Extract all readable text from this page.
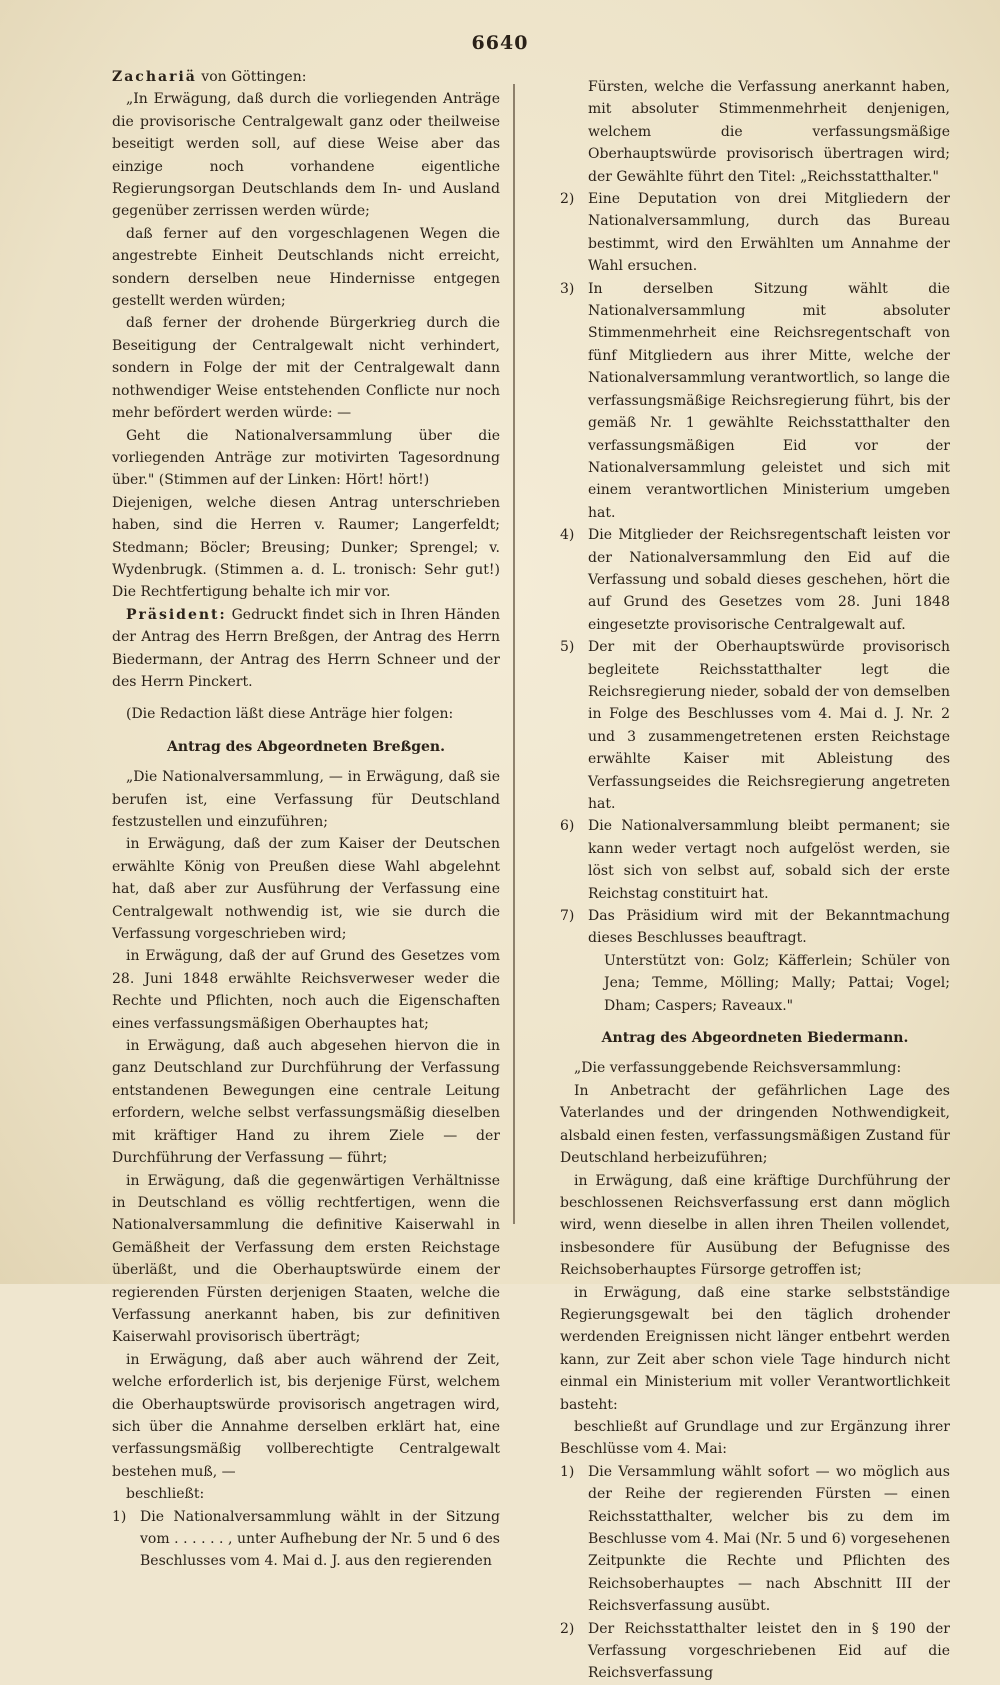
6640

Zachariä von Göttingen:

„In Erwägung, daß durch die vorliegenden Anträge die provisorische Centralgewalt ganz oder theilweise beseitigt werden soll, auf diese Weise aber das einzige noch vorhandene eigentliche Regierungsorgan Deutschlands dem In- und Ausland gegenüber zerrissen werden würde;

daß ferner auf den vorgeschlagenen Wegen die angestrebte Einheit Deutschlands nicht erreicht, sondern derselben neue Hindernisse entgegen gestellt werden würden;

daß ferner der drohende Bürgerkrieg durch die Beseitigung der Centralgewalt nicht verhindert, sondern in Folge der mit der Centralgewalt dann nothwendiger Weise entstehenden Conflicte nur noch mehr befördert werden würde: —

Geht die Nationalversammlung über die vorliegenden Anträge zur motivirten Tagesordnung über." (Stimmen auf der Linken: Hört! hört!)

Diejenigen, welche diesen Antrag unterschrieben haben, sind die Herren v. Raumer; Langerfeldt; Stedmann; Böcler; Breusing; Dunker; Sprengel; v. Wydenbrugk. (Stimmen a. d. L. tronisch: Sehr gut!) Die Rechtfertigung behalte ich mir vor.

Präsident: Gedruckt findet sich in Ihren Händen der Antrag des Herrn Breßgen, der Antrag des Herrn Biedermann, der Antrag des Herrn Schneer und der des Herrn Pinckert.

(Die Redaction läßt diese Anträge hier folgen:

Antrag des Abgeordneten Breßgen.

„Die Nationalversammlung, — in Erwägung, daß sie berufen ist, eine Verfassung für Deutschland festzustellen und einzuführen;

in Erwägung, daß der zum Kaiser der Deutschen erwählte König von Preußen diese Wahl abgelehnt hat, daß aber zur Ausführung der Verfassung eine Centralgewalt nothwendig ist, wie sie durch die Verfassung vorgeschrieben wird;

in Erwägung, daß der auf Grund des Gesetzes vom 28. Juni 1848 erwählte Reichsverweser weder die Rechte und Pflichten, noch auch die Eigenschaften eines verfassungsmäßigen Oberhauptes hat;

in Erwägung, daß auch abgesehen hiervon die in ganz Deutschland zur Durchführung der Verfassung entstandenen Bewegungen eine centrale Leitung erfordern, welche selbst verfassungsmäßig dieselben mit kräftiger Hand zu ihrem Ziele — der Durchführung der Verfassung — führt;

in Erwägung, daß die gegenwärtigen Verhältnisse in Deutschland es völlig rechtfertigen, wenn die Nationalversammlung die definitive Kaiserwahl in Gemäßheit der Verfassung dem ersten Reichstage überläßt, und die Oberhauptswürde einem der regierenden Fürsten derjenigen Staaten, welche die Verfassung anerkannt haben, bis zur definitiven Kaiserwahl provisorisch überträgt;

in Erwägung, daß aber auch während der Zeit, welche erforderlich ist, bis derjenige Fürst, welchem die Oberhauptswürde provisorisch angetragen wird, sich über die Annahme derselben erklärt hat, eine verfassungsmäßig vollberechtigte Centralgewalt bestehen muß, —

beschließt:

1) Die Nationalversammlung wählt in der Sitzung vom . . . . . . , unter Aufhebung der Nr. 5 und 6 des Beschlusses vom 4. Mai d. J. aus den regierenden

Fürsten, welche die Verfassung anerkannt haben, mit absoluter Stimmenmehrheit denjenigen, welchem die verfassungsmäßige Oberhauptswürde provisorisch übertragen wird; der Gewählte führt den Titel: „Reichsstatthalter."

2) Eine Deputation von drei Mitgliedern der Nationalversammlung, durch das Bureau bestimmt, wird den Erwählten um Annahme der Wahl ersuchen.
3) In derselben Sitzung wählt die Nationalversammlung mit absoluter Stimmenmehrheit eine Reichsregentschaft von fünf Mitgliedern aus ihrer Mitte, welche der Nationalversammlung verantwortlich, so lange die verfassungsmäßige Reichsregierung führt, bis der gemäß Nr. 1 gewählte Reichsstatthalter den verfassungsmäßigen Eid vor der Nationalversammlung geleistet und sich mit einem verantwortlichen Ministerium umgeben hat.
4) Die Mitglieder der Reichsregentschaft leisten vor der Nationalversammlung den Eid auf die Verfassung und sobald dieses geschehen, hört die auf Grund des Gesetzes vom 28. Juni 1848 eingesetzte provisorische Centralgewalt auf.
5) Der mit der Oberhauptswürde provisorisch begleitete Reichsstatthalter legt die Reichsregierung nieder, sobald der von demselben in Folge des Beschlusses vom 4. Mai d. J. Nr. 2 und 3 zusammengetretenen ersten Reichstage erwählte Kaiser mit Ableistung des Verfassungseides die Reichsregierung angetreten hat.
6) Die Nationalversammlung bleibt permanent; sie kann weder vertagt noch aufgelöst werden, sie löst sich von selbst auf, sobald sich der erste Reichstag constituirt hat.
7) Das Präsidium wird mit der Bekanntmachung dieses Beschlusses beauftragt.

Unterstützt von: Golz; Käfferlein; Schüler von Jena; Temme, Mölling; Mally; Pattai; Vogel; Dham; Caspers; Raveaux."

Antrag des Abgeordneten Biedermann.

„Die verfassunggebende Reichsversammlung:

In Anbetracht der gefährlichen Lage des Vaterlandes und der dringenden Nothwendigkeit, alsbald einen festen, verfassungsmäßigen Zustand für Deutschland herbeizuführen;

in Erwägung, daß eine kräftige Durchführung der beschlossenen Reichsverfassung erst dann möglich wird, wenn dieselbe in allen ihren Theilen vollendet, insbesondere für Ausübung der Befugnisse des Reichsoberhauptes Fürsorge getroffen ist;

in Erwägung, daß eine starke selbstständige Regierungsgewalt bei den täglich drohender werdenden Ereignissen nicht länger entbehrt werden kann, zur Zeit aber schon viele Tage hindurch nicht einmal ein Ministerium mit voller Verantwortlichkeit basteht:

beschließt auf Grundlage und zur Ergänzung ihrer Beschlüsse vom 4. Mai:

1) Die Versammlung wählt sofort — wo möglich aus der Reihe der regierenden Fürsten — einen Reichsstatthalter, welcher bis zu dem im Beschlusse vom 4. Mai (Nr. 5 und 6) vorgesehenen Zeitpunkte die Rechte und Pflichten des Reichsoberhauptes — nach Abschnitt III der Reichsverfassung ausübt.
2) Der Reichsstatthalter leistet den in § 190 der Verfassung vorgeschriebenen Eid auf die Reichsverfassung
